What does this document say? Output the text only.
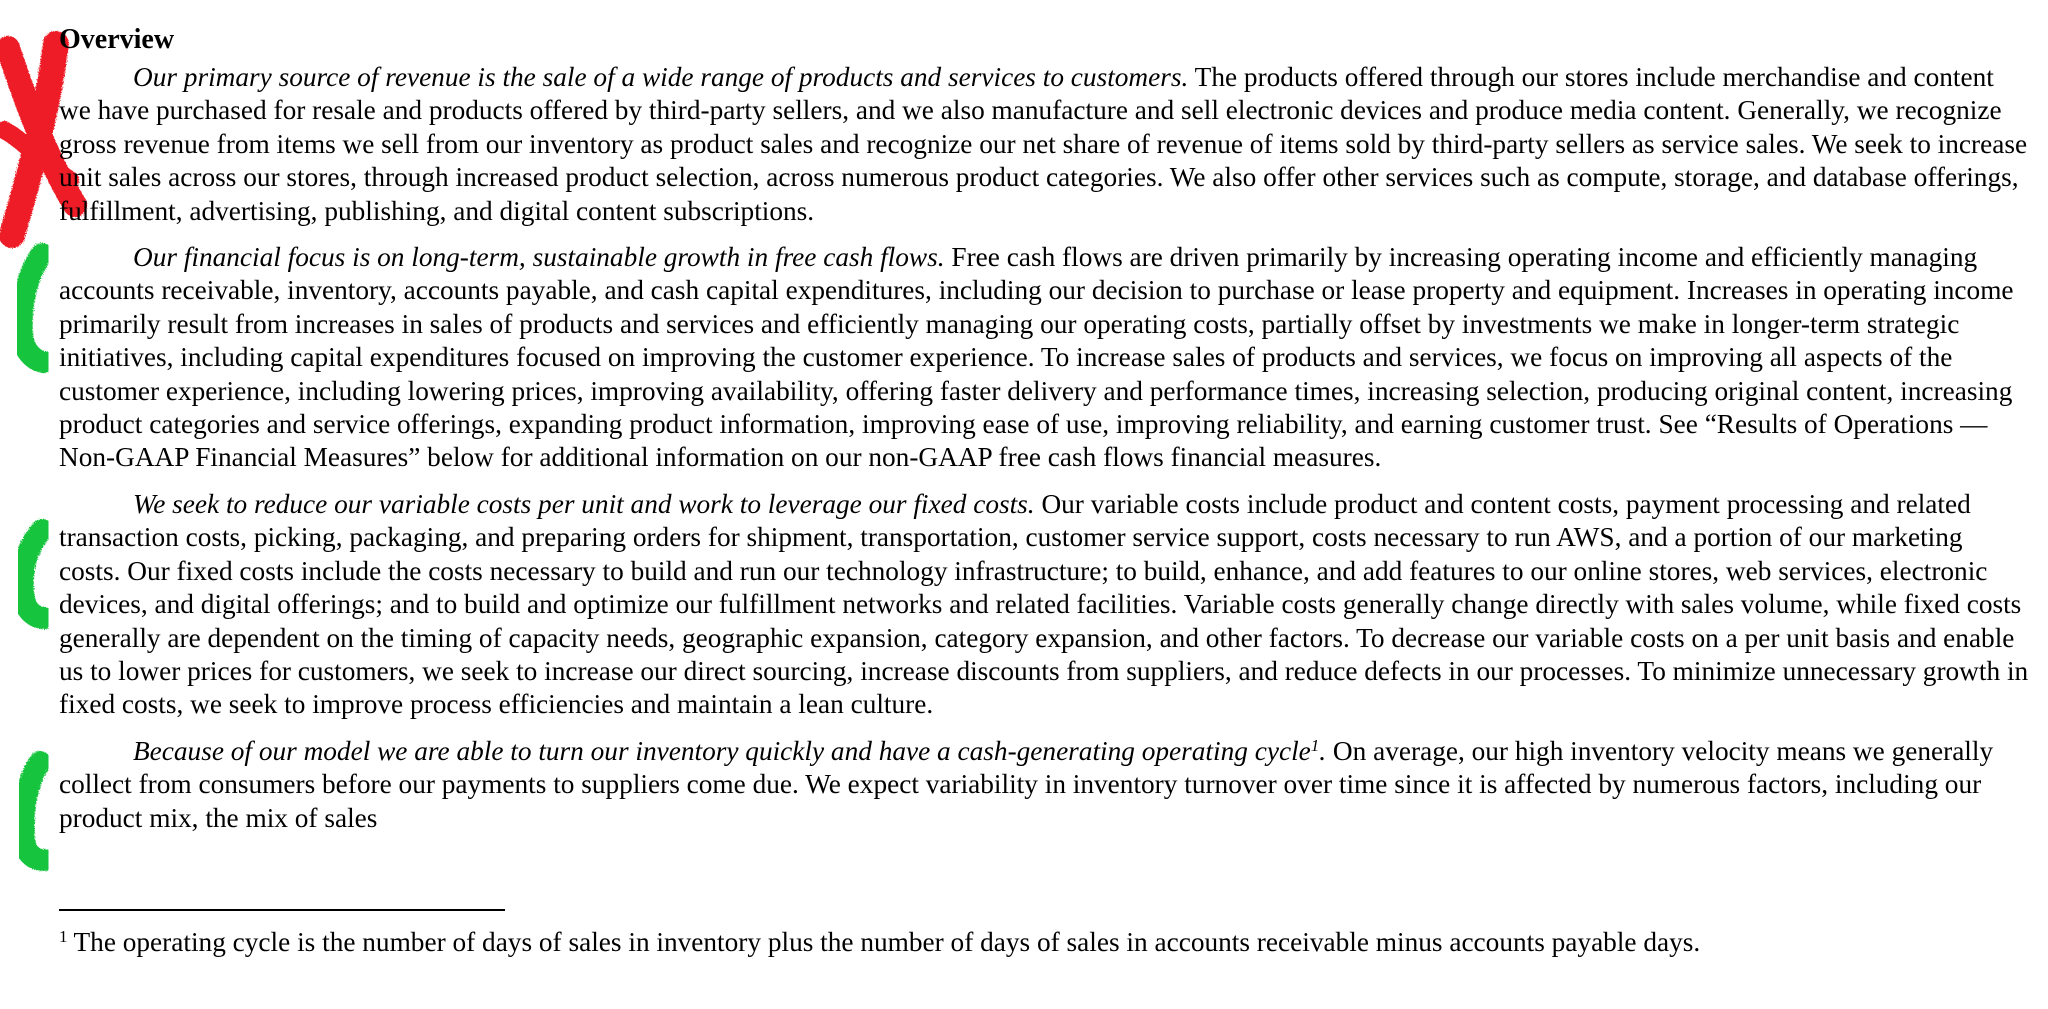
Overview

Our primary source of revenue is the sale of a wide range of products and services to customers. The products offered through our stores include merchandise and content we have purchased for resale and products offered by third-party sellers, and we also manufacture and sell electronic devices and produce media content. Generally, we recognize gross revenue from items we sell from our inventory as product sales and recognize our net share of revenue of items sold by third-party sellers as service sales. We seek to increase unit sales across our stores, through increased product selection, across numerous product categories. We also offer other services such as compute, storage, and database offerings, fulfillment, advertising, publishing, and digital content subscriptions.

Our financial focus is on long-term, sustainable growth in free cash flows. Free cash flows are driven primarily by increasing operating income and efficiently managing accounts receivable, inventory, accounts payable, and cash capital expenditures, including our decision to purchase or lease property and equipment. Increases in operating income primarily result from increases in sales of products and services and efficiently managing our operating costs, partially offset by investments we make in longer-term strategic initiatives, including capital expenditures focused on improving the customer experience. To increase sales of products and services, we focus on improving all aspects of the customer experience, including lowering prices, improving availability, offering faster delivery and performance times, increasing selection, producing original content, increasing product categories and service offerings, expanding product information, improving ease of use, improving reliability, and earning customer trust. See “Results of Operations — Non-GAAP Financial Measures” below for additional information on our non-GAAP free cash flows financial measures.

We seek to reduce our variable costs per unit and work to leverage our fixed costs. Our variable costs include product and content costs, payment processing and related transaction costs, picking, packaging, and preparing orders for shipment, transportation, customer service support, costs necessary to run AWS, and a portion of our marketing costs. Our fixed costs include the costs necessary to build and run our technology infrastructure; to build, enhance, and add features to our online stores, web services, electronic devices, and digital offerings; and to build and optimize our fulfillment networks and related facilities. Variable costs generally change directly with sales volume, while fixed costs generally are dependent on the timing of capacity needs, geographic expansion, category expansion, and other factors. To decrease our variable costs on a per unit basis and enable us to lower prices for customers, we seek to increase our direct sourcing, increase discounts from suppliers, and reduce defects in our processes. To minimize unnecessary growth in fixed costs, we seek to improve process efficiencies and maintain a lean culture.

Because of our model we are able to turn our inventory quickly and have a cash-generating operating cycle$^1$. On average, our high inventory velocity means we generally collect from consumers before our payments to suppliers come due. We expect variability in inventory turnover over time since it is affected by numerous factors, including our product mix, the mix of sales

$^1$ The operating cycle is the number of days of sales in inventory plus the number of days of sales in accounts receivable minus accounts payable days.
